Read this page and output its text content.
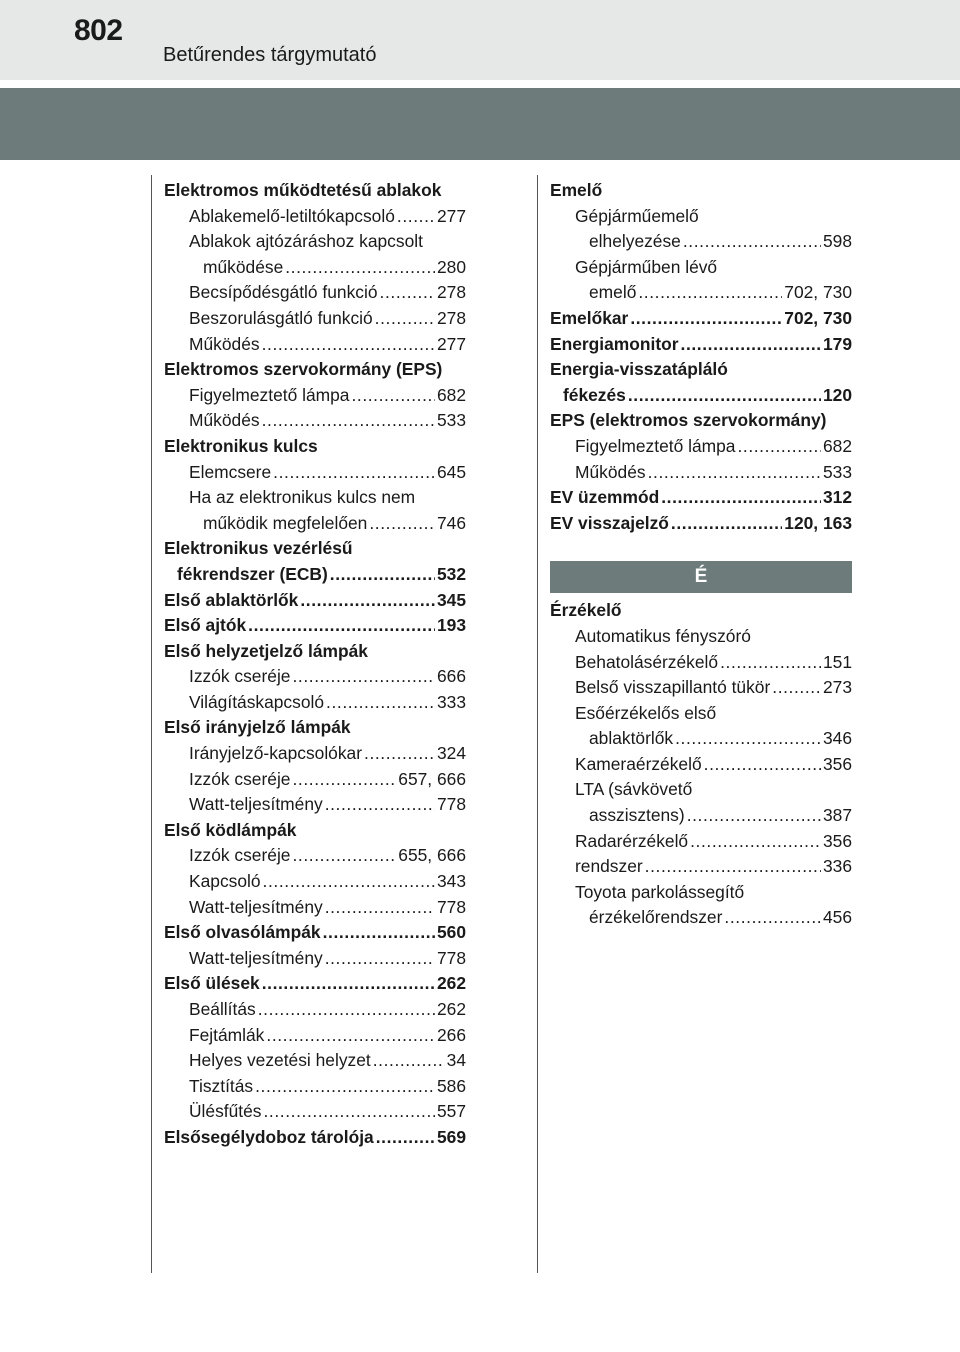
802
Betűrendes tárgymutató
Elektromos működtetésű ablakok
Ablakemelő-letiltókapcsoló ..... 277
Ablakok ajtózáráshoz kapcsolt
működése .....	280
Becsípődésgátló funkció .....	278
Beszorulásgátló funkció .....	278
Működés .....	277
Elektromos szervokormány (EPS)
Figyelmeztető lámpa .....	682
Működés .....	533
Elektronikus kulcs
Elemcsere .....	645
Ha az elektronikus kulcs nem
működik megfelelően .....	746
Elektronikus vezérlésű
fékrendszer (ECB) .....	532
Első ablaktörlők .....	345
Első ajtók .....	193
Első helyzetjelző lámpák
Izzók cseréje .....	666
Világításkapcsoló .....	333
Első irányjelző lámpák
Irányjelző-kapcsolókar .....	324
Izzók cseréje .....	657, 666
Watt-teljesítmény .....	778
Első ködlámpák
Izzók cseréje .....	655, 666
Kapcsoló .....	343
Watt-teljesítmény .....	778
Első olvasólámpák .....	560
Watt-teljesítmény .....	778
Első ülések .....	262
Beállítás .....	262
Fejtámlák .....	266
Helyes vezetési helyzet .....	34
Tisztítás .....	586
Ülésfűtés .....	557
Elsősegélydoboz tárolója .....	569
Emelő
Gépjárműemelő
elhelyezése .....	598
Gépjárműben lévő
emelő .....	702, 730
Emelőkar .....	702, 730
Energiamonitor .....	179
Energia-visszatápláló
fékezés .....	120
EPS (elektromos szervokormány)
Figyelmeztető lámpa .....	682
Működés .....	533
EV üzemmód .....	312
EV visszajelző .....	120, 163
É
Érzékelő
Automatikus fényszóró
Behatolásérzékelő .....	151
Belső visszapillantó tükör .....	273
Esőérzékelős első
ablaktörlők .....	346
Kameraérzékelő .....	356
LTA (sávkövető
asszisztens) .....	387
Radarérzékelő .....	356
rendszer .....	336
Toyota parkolássegítő
érzékelőrendszer .....	456
